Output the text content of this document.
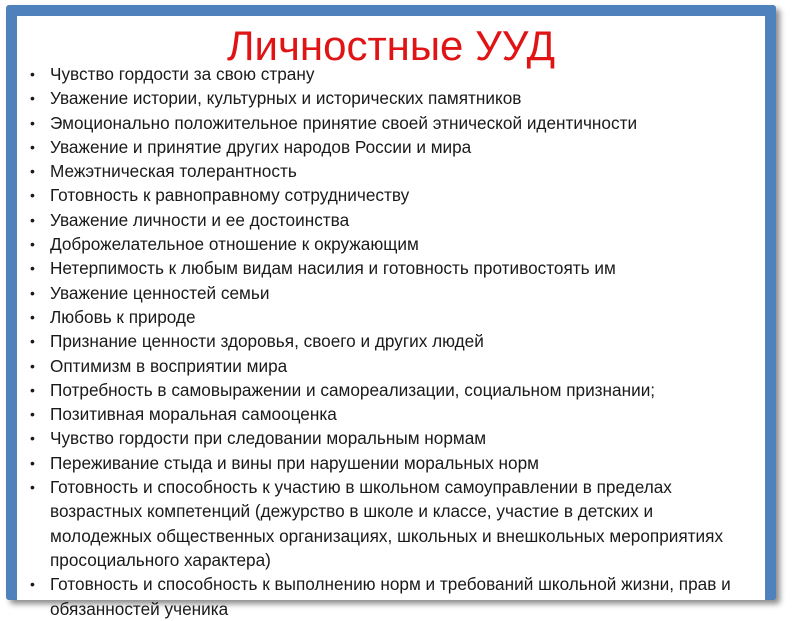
Личностные УУД
• Чувство гордости за свою страну
• Уважение истории, культурных и исторических памятников
• Эмоционально положительное принятие своей этнической идентичности
• Уважение и принятие других народов России и мира
• Межэтническая толерантность
• Готовность к равноправному сотрудничеству
• Уважение личности и ее достоинства
• Доброжелательное отношение к окружающим
• Нетерпимость к любым видам насилия и готовность противостоять им
• Уважение ценностей семьи
• Любовь к природе
• Признание ценности здоровья, своего и других людей
• Оптимизм в восприятии мира
• Потребность в самовыражении и самореализации, социальном признании;
• Позитивная моральная самооценка
• Чувство гордости при следовании моральным нормам
• Переживание стыда и вины при нарушении моральных норм
• Готовность и способность к участию в школьном самоуправлении в пределах возрастных компетенций (дежурство в школе и классе, участие в детских и молодежных общественных организациях, школьных и внешкольных мероприятиях просоциального характера)
• Готовность и способность к выполнению норм и требований школьной жизни, прав и обязанностей ученика
